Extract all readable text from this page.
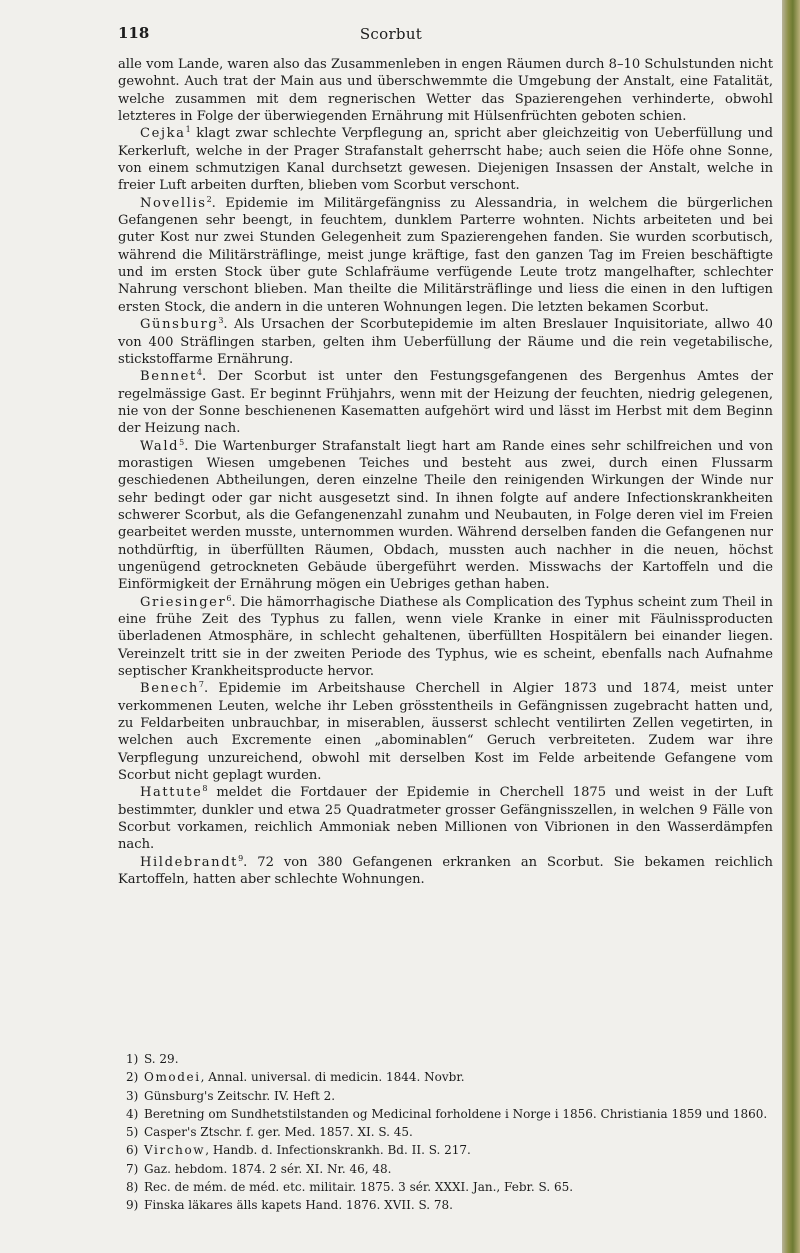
118	Scorbut

alle vom Lande, waren also das Zusammenleben in engen Räumen durch 8–10 Schulstunden nicht gewohnt. Auch trat der Main aus und überschwemmte die Umgebung der Anstalt, eine Fatalität, welche zusammen mit dem regnerischen Wetter das Spazierengehen verhinderte, obwohl letzteres in Folge der überwiegenden Ernährung mit Hülsenfrüchten geboten schien.

Cejka$^1$ klagt zwar schlechte Verpflegung an, spricht aber gleichzeitig von Ueberfüllung und Kerkerluft, welche in der Prager Strafanstalt geherrscht habe; auch seien die Höfe ohne Sonne, von einem schmutzigen Kanal durchsetzt gewesen. Diejenigen Insassen der Anstalt, welche in freier Luft arbeiten durften, blieben vom Scorbut verschont.

Novellis$^2$. Epidemie im Militärgefängniss zu Alessandria, in welchem die bürgerlichen Gefangenen sehr beengt, in feuchtem, dunklem Parterre wohnten. Nichts arbeiteten und bei guter Kost nur zwei Stunden Gelegenheit zum Spazierengehen fanden. Sie wurden scorbutisch, während die Militärsträflinge, meist junge kräftige, fast den ganzen Tag im Freien beschäftigte und im ersten Stock über gute Schlafräume verfügende Leute trotz mangelhafter, schlechter Nahrung verschont blieben. Man theilte die Militärsträflinge und liess die einen in den luftigen ersten Stock, die andern in die unteren Wohnungen legen. Die letzten bekamen Scorbut.

Günsburg$^3$. Als Ursachen der Scorbutepidemie im alten Breslauer Inquisitoriate, allwo 40 von 400 Sträflingen starben, gelten ihm Ueberfüllung der Räume und die rein vegetabilische, stickstoffarme Ernährung.

Bennet$^4$. Der Scorbut ist unter den Festungsgefangenen des Bergenhus Amtes der regelmässige Gast. Er beginnt Frühjahrs, wenn mit der Heizung der feuchten, niedrig gelegenen, nie von der Sonne beschienenen Kasematten aufgehört wird und lässt im Herbst mit dem Beginn der Heizung nach.

Wald$^5$. Die Wartenburger Strafanstalt liegt hart am Rande eines sehr schilfreichen und von morastigen Wiesen umgebenen Teiches und besteht aus zwei, durch einen Flussarm geschiedenen Abtheilungen, deren einzelne Theile den reinigenden Wirkungen der Winde nur sehr bedingt oder gar nicht ausgesetzt sind. In ihnen folgte auf andere Infectionskrankheiten schwerer Scorbut, als die Gefangenenzahl zunahm und Neubauten, in Folge deren viel im Freien gearbeitet werden musste, unternommen wurden. Während derselben fanden die Gefangenen nur nothdürftig, in überfüllten Räumen, Obdach, mussten auch nachher in die neuen, höchst ungenügend getrockneten Gebäude übergeführt werden. Misswachs der Kartoffeln und die Einförmigkeit der Ernährung mögen ein Uebriges gethan haben.

Griesinger$^6$. Die hämorrhagische Diathese als Complication des Typhus scheint zum Theil in eine frühe Zeit des Typhus zu fallen, wenn viele Kranke in einer mit Fäulnissproducten überladenen Atmosphäre, in schlecht gehaltenen, überfüllten Hospitälern bei einander liegen. Vereinzelt tritt sie in der zweiten Periode des Typhus, wie es scheint, ebenfalls nach Aufnahme septischer Krankheitsproducte hervor.

Benech$^7$. Epidemie im Arbeitshause Cherchell in Algier 1873 und 1874, meist unter verkommenen Leuten, welche ihr Leben grösstentheils in Gefängnissen zugebracht hatten und, zu Feldarbeiten unbrauchbar, in miserablen, äusserst schlecht ventilirten Zellen vegetirten, in welchen auch Excremente einen „abominablen“ Geruch verbreiteten. Zudem war ihre Verpflegung unzureichend, obwohl mit derselben Kost im Felde arbeitende Gefangene vom Scorbut nicht geplagt wurden.

Hattute$^8$ meldet die Fortdauer der Epidemie in Cherchell 1875 und weist in der Luft bestimmter, dunkler und etwa 25 Quadratmeter grosser Gefängnisszellen, in welchen 9 Fälle von Scorbut vorkamen, reichlich Ammoniak neben Millionen von Vibrionen in den Wasserdämpfen nach.

Hildebrandt$^9$. 72 von 380 Gefangenen erkranken an Scorbut. Sie bekamen reichlich Kartoffeln, hatten aber schlechte Wohnungen.

1) S. 29.

2) Omodei, Annal. universal. di medicin. 1844. Novbr.

3) Günsburg's Zeitschr. IV. Heft 2.

4) Beretning om Sundhetstilstanden og Medicinal forholdene i Norge i 1856. Christiania 1859 und 1860.

5) Casper's Ztschr. f. ger. Med. 1857. XI. S. 45.

6) Virchow, Handb. d. Infectionskrankh. Bd. II. S. 217.

7) Gaz. hebdom. 1874. 2 sér. XI. Nr. 46, 48.

8) Rec. de mém. de méd. etc. militair. 1875. 3 sér. XXXI. Jan., Febr. S. 65.

9) Finska läkares älls kapets Hand. 1876. XVII. S. 78.
